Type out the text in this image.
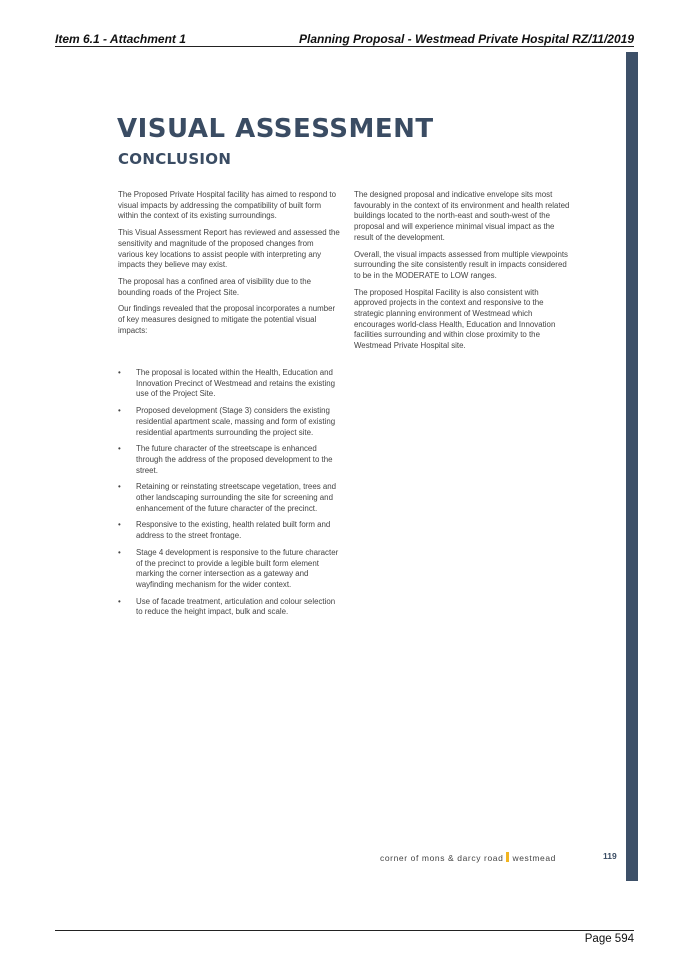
Item 6.1 - Attachment 1	Planning Proposal - Westmead Private Hospital RZ/11/2019
VISUAL ASSESSMENT
CONCLUSION

The Proposed Private Hospital facility has aimed to respond to visual impacts by addressing the compatibility of built form within the context of its existing surroundings.

This Visual Assessment Report has reviewed and assessed the sensitivity and magnitude of the proposed changes from various key locations to assist people with interpreting any impacts they believe may exist.

The proposal has a confined area of visibility due to the bounding roads of the Project Site.

Our findings revealed that the proposal incorporates a number of key measures designed to mitigate the potential visual impacts:

• The proposal is located within the Health, Education and Innovation Precinct of Westmead and retains the existing use of the Project Site.
• Proposed development (Stage 3) considers the existing residential apartment scale, massing and form of existing residential apartments surrounding the project site.
• The future character of the streetscape is enhanced through the address of the proposed development to the street.
• Retaining or reinstating streetscape vegetation, trees and other landscaping surrounding the site for screening and enhancement of the future character of the precinct.
• Responsive to the existing, health related built form and address to the street frontage.
• Stage 4 development is responsive to the future character of the precinct to provide a legible built form element marking the corner intersection as a gateway and wayfinding mechanism for the wider context.
• Use of facade treatment, articulation and colour selection to reduce the height impact, bulk and scale.

The designed proposal and indicative envelope sits most favourably in the context of its environment and health related buildings located to the north-east and south-west of the proposal and will experience minimal visual impact as the result of the development.

Overall, the visual impacts assessed from multiple viewpoints surrounding the site consistently result in impacts considered to be in the MODERATE to LOW ranges.

The proposed Hospital Facility is also consistent with approved projects in the context and responsive to the strategic planning environment of Westmead which encourages world-class Health, Education and Innovation facilities surrounding and within close proximity to the Westmead Private Hospital site.

corner of mons & darcy road westmead	119
Page 594
